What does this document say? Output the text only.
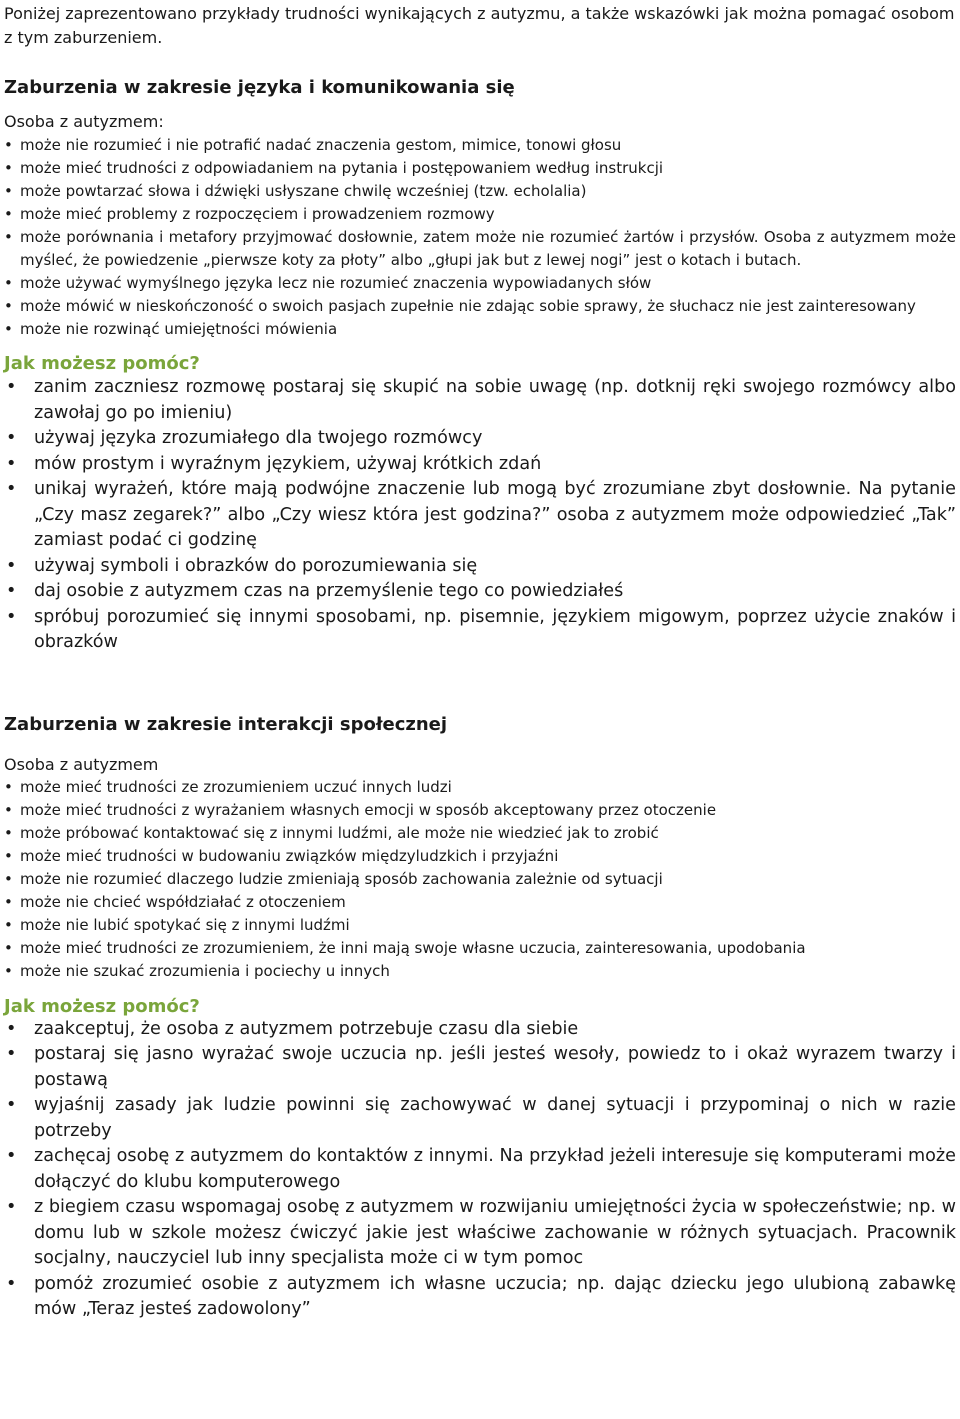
Poniżej zaprezentowano przykłady trudności wynikających z autyzmu, a także wskazówki jak można pomagać osobom z tym zaburzeniem.

Zaburzenia w zakresie języka i komunikowania się

Osoba z autyzmem:

• może nie rozumieć i nie potrafić nadać znaczenia gestom, mimice, tonowi głosu
• może mieć trudności z odpowiadaniem na pytania i postępowaniem według instrukcji
• może powtarzać słowa i dźwięki usłyszane chwilę wcześniej (tzw. echolalia)
• może mieć problemy z rozpoczęciem i prowadzeniem rozmowy
• może porównania i metafory przyjmować dosłownie, zatem może nie rozumieć żartów i przysłów. Osoba z autyzmem może myśleć, że powiedzenie „pierwsze koty za płoty” albo „głupi jak but z lewej nogi” jest o kotach i butach.
• może używać wymyślnego języka lecz nie rozumieć znaczenia wypowiadanych słów
• może mówić w nieskończoność o swoich pasjach zupełnie nie zdając sobie sprawy, że słuchacz nie jest zainteresowany
• może nie rozwinąć umiejętności mówienia

Jak możesz pomóc?

• zanim zaczniesz rozmowę postaraj się skupić na sobie uwagę (np. dotknij ręki swojego rozmówcy albo zawołaj go po imieniu)
• używaj języka zrozumiałego dla twojego rozmówcy
• mów prostym i wyraźnym językiem, używaj krótkich zdań
• unikaj wyrażeń, które mają podwójne znaczenie lub mogą być zrozumiane zbyt dosłownie. Na pytanie „Czy masz zegarek?” albo „Czy wiesz która jest godzina?” osoba z autyzmem może odpowiedzieć „Tak” zamiast podać ci godzinę
• używaj symboli i obrazków do porozumiewania się
• daj osobie z autyzmem czas na przemyślenie tego co powiedziałeś
• spróbuj porozumieć się innymi sposobami, np. pisemnie, językiem migowym, poprzez użycie znaków i obrazków

Zaburzenia w zakresie interakcji społecznej

Osoba z autyzmem

• może mieć trudności ze zrozumieniem uczuć innych ludzi
• może mieć trudności z wyrażaniem własnych emocji w sposób akceptowany przez otoczenie
• może próbować kontaktować się z innymi ludźmi, ale może nie wiedzieć jak to zrobić
• może mieć trudności w budowaniu związków międzyludzkich i przyjaźni
• może nie rozumieć dlaczego ludzie zmieniają sposób zachowania zależnie od sytuacji
• może nie chcieć współdziałać z otoczeniem
• może nie lubić spotykać się z innymi ludźmi
• może mieć trudności ze zrozumieniem, że inni mają swoje własne uczucia, zainteresowania, upodobania
• może nie szukać zrozumienia i pociechy u innych

Jak możesz pomóc?

• zaakceptuj, że osoba z autyzmem potrzebuje czasu dla siebie
• postaraj się jasno wyrażać swoje uczucia np. jeśli jesteś wesoły, powiedz to i okaż wyrazem twarzy i postawą
• wyjaśnij zasady jak ludzie powinni się zachowywać w danej sytuacji i przypominaj o nich w razie potrzeby
• zachęcaj osobę z autyzmem do kontaktów z innymi. Na przykład jeżeli interesuje się komputerami może dołączyć do klubu komputerowego
• z biegiem czasu wspomagaj osobę z autyzmem w rozwijaniu umiejętności życia w społeczeństwie; np. w domu lub w szkole możesz ćwiczyć jakie jest właściwe zachowanie w różnych sytuacjach. Pracownik socjalny, nauczyciel lub inny specjalista może ci w tym pomoc
• pomóż zrozumieć osobie z autyzmem ich własne uczucia; np. dając dziecku jego ulubioną zabawkę mów „Teraz jesteś zadowolony”
